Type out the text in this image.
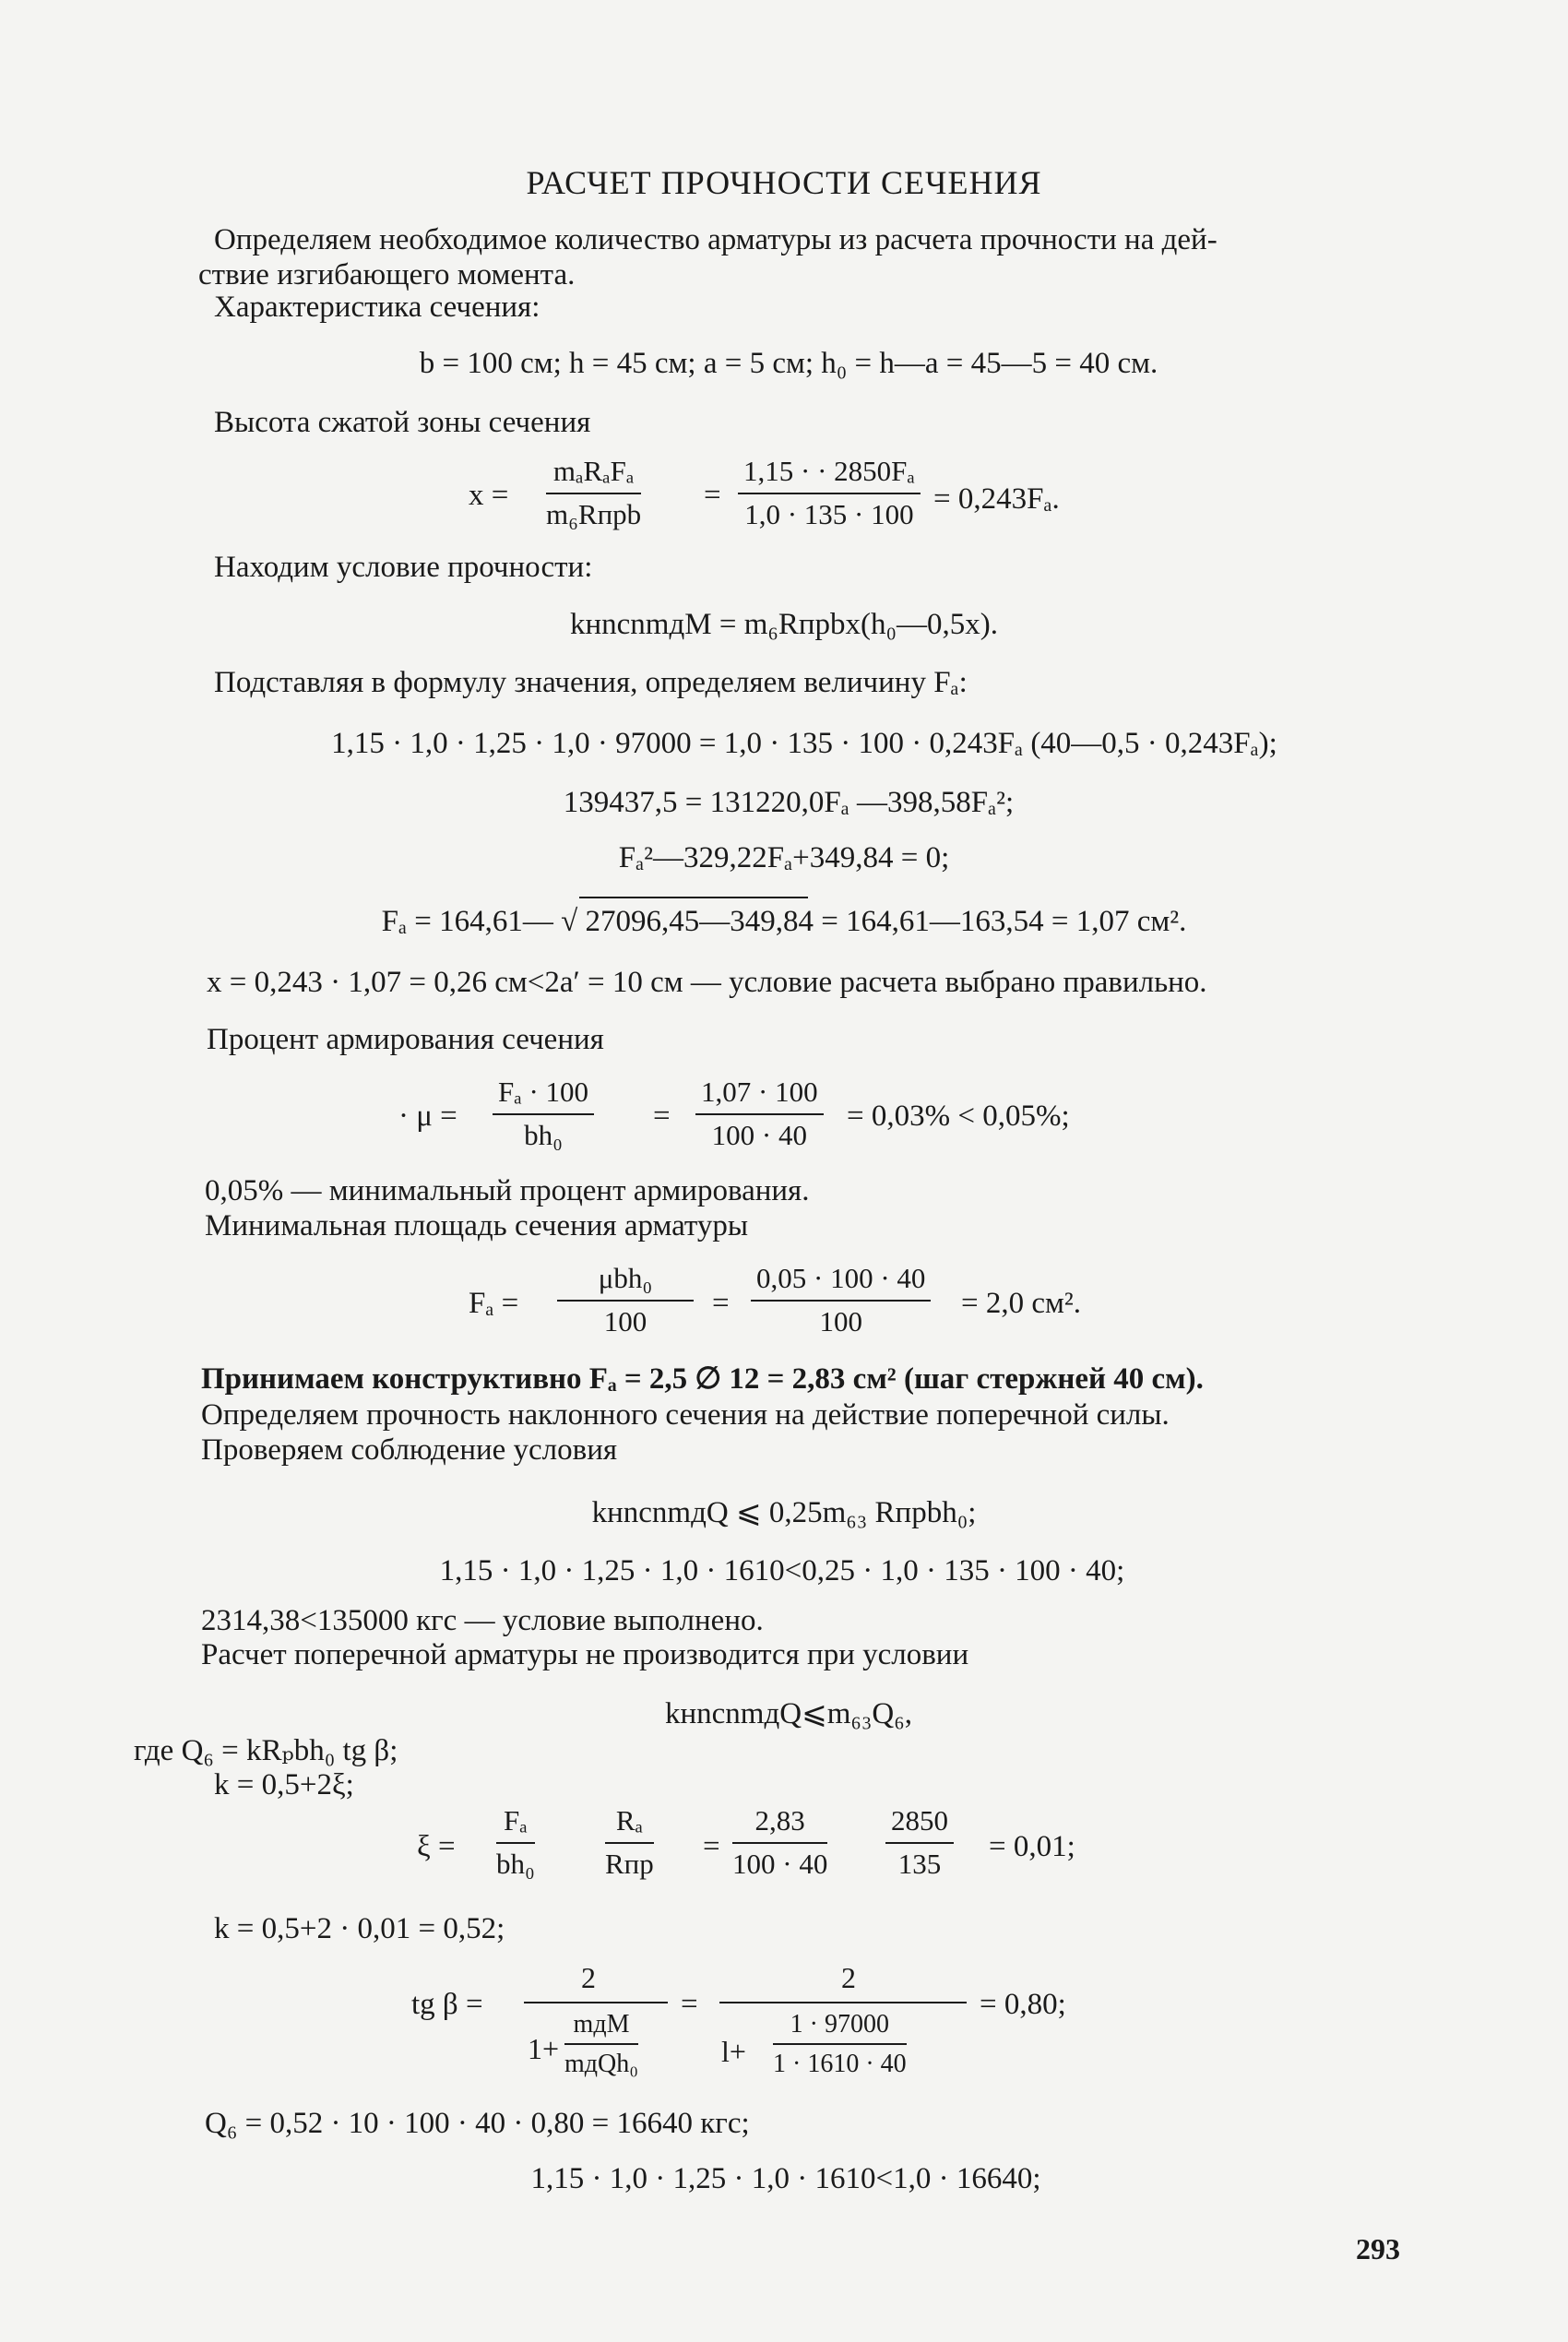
РАСЧЕТ ПРОЧНОСТИ СЕЧЕНИЯ
Определяем необходимое количество арматуры из расчета прочности на дей-
ствие изгибающего момента.
Характеристика сечения:
b = 100 см; h = 45 см; a = 5 см; h₀ = h—a = 45—5 = 40 см.
Высота сжатой зоны сечения
x =
mₐRₐFₐ
m₆Rпрb
= $\frac{\text{1,15 · · 2850Fₐ}}{1,0 \cdot 135 \cdot 100} = 0,243F_a$.
Находим условие прочности:
kнnсnmдM = m₆Rпрbx(h₀—0,5x).
Подставляя в формулу значения, определяем величину Fₐ:
1,15 · 1,0 · 1,25 · 1,0 · 97000 = 1,0 · 135 · 100 · 0,243Fₐ (40—0,5 · 0,243Fₐ);
139437,5 = 131220,0Fₐ —398,58Fₐ²;
Fₐ²—329,22Fₐ+349,84 = 0;
Fₐ = 164,61— √ 27096,45—349,84 = 164,61—163,54 = 1,07 см².
x = 0,243 · 1,07 = 0,26 см<2a′ = 10 см — условие расчета выбрано правильно.
Процент армирования сечения
· $\mu = \frac{\text{Fₐ · 100}}{\text{bh₀}} = \frac{1,07 \cdot 100}{100 \cdot 40} = 0,03\% < 0,05\%$;
0,05% — минимальный процент армирования.
Минимальная площадь сечения арматуры
Fₐ =
μbh₀
100
= $\frac{0,05 \cdot 100 \cdot 40}{100} = 2,0$ см².
Принимаем конструктивно Fₐ = 2,5 ∅ 12 = 2,83 см² (шаг стержней 40 см).
Определяем прочность наклонного сечения на действие поперечной силы.
Проверяем соблюдение условия
kнnсnmдQ ⩽ 0,25m₆₃ Rпрbh₀;
1,15 · 1,0 · 1,25 · 1,0 · 1610<0,25 · 1,0 · 135 · 100 · 40;
2314,38<135000 кгс — условие выполнено.
Расчет поперечной арматуры не производится при условии
kнnсnmдQ⩽m₆₃Q₆,
где Q₆ = kRₚbh₀ tg β;
k = 0,5+2ξ;
$\xi = \frac{\text{Fₐ}}{\text{bh₀}}$	Rₐ
Rпр
= $\frac{2,83}{100 \cdot 40} \frac{2850}{135} = 0,01$;
k = 0,5+2 · 0,01 = 0,52;
tg β =
2
1+
mдM
mдQh₀
=
2
$l+ \frac{1 \cdot 97000}{1 \cdot 1610 \cdot 40}$
= 0,80;
Q₆ = 0,52 · 10 · 100 · 40 · 0,80 = 16640 кгс;
1,15 · 1,0 · 1,25 · 1,0 · 1610<1,0 · 16640;
293
